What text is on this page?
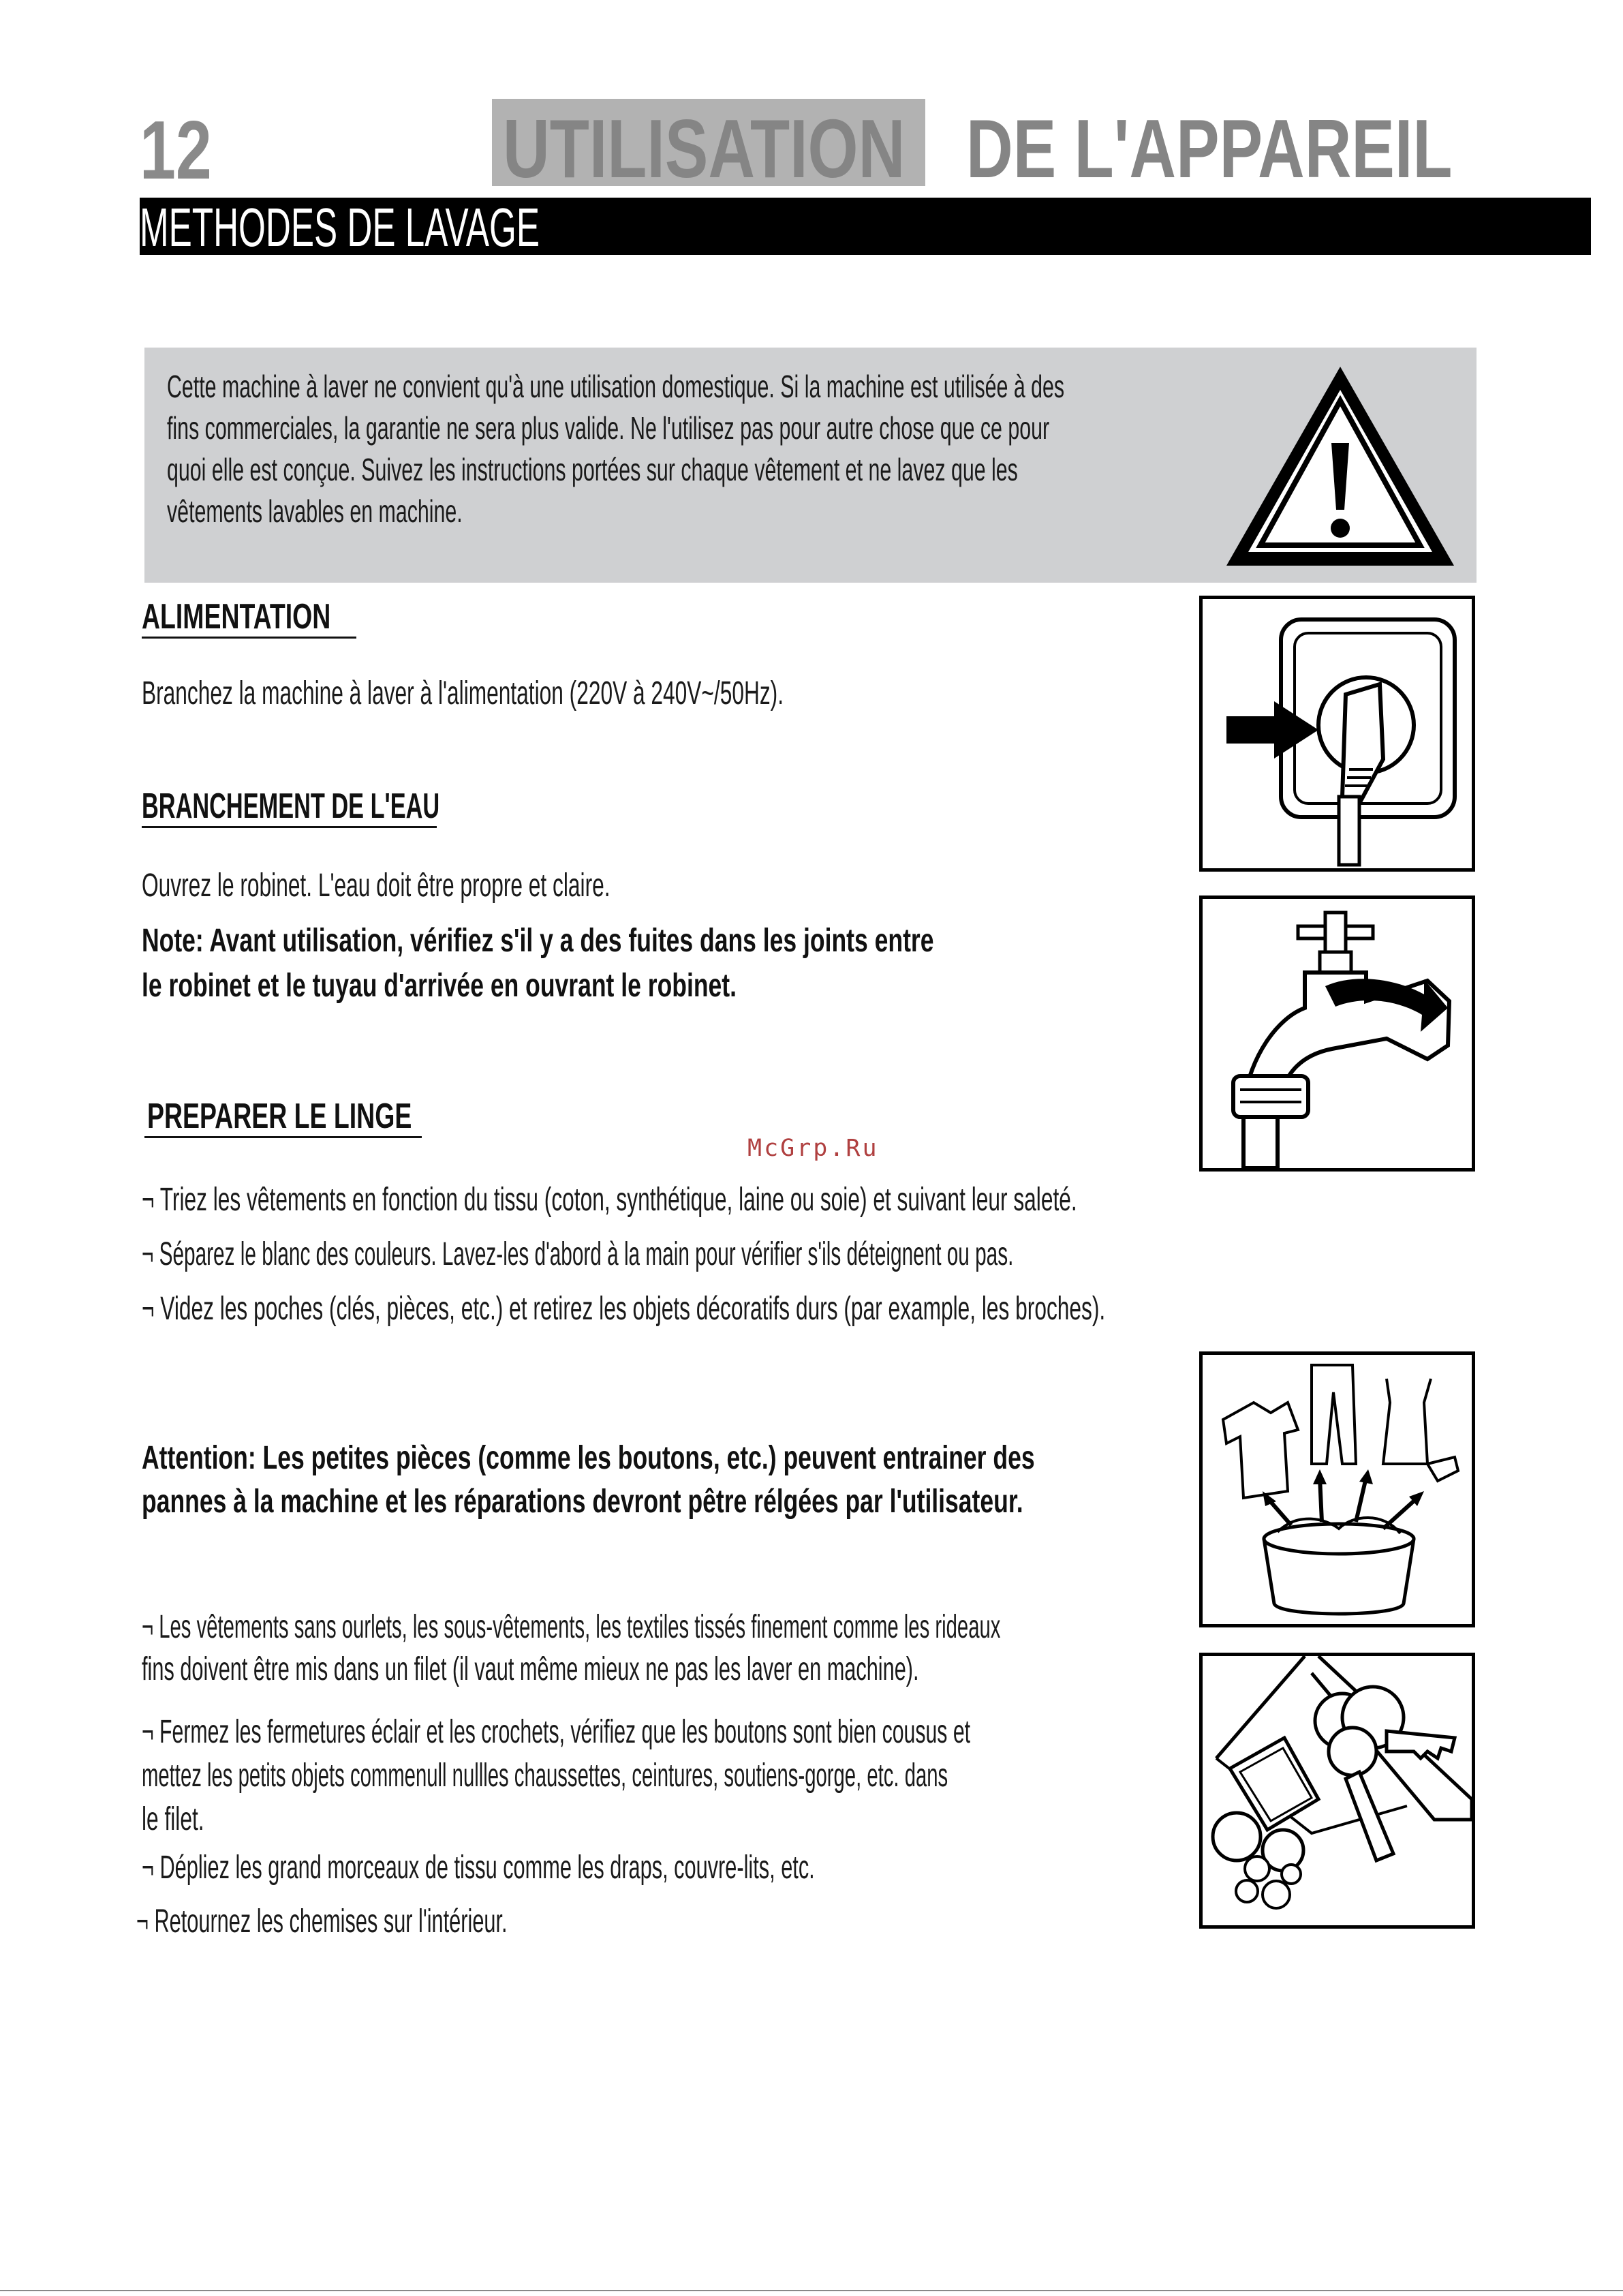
12	UTILISATION DE L'APPAREIL
METHODES DE LAVAGE
Cette machine à laver ne convient qu'à une utilisation domestique. Si la machine est utilisée à des
fins commerciales, la garantie ne sera plus valide. Ne l'utilisez pas pour autre chose que ce pour
quoi elle est conçue. Suivez les instructions portées sur chaque vêtement et ne lavez que les
vêtements lavables en machine.
ALIMENTATION
Branchez la machine à laver à l'alimentation (220V à 240V~/50Hz).
BRANCHEMENT DE L'EAU
Ouvrez le robinet. L'eau doit être propre et claire.
Note: Avant utilisation, vérifiez s'il y a des fuites dans les joints entre
le robinet et le tuyau d'arrivée en ouvrant le robinet.
PREPARER LE LINGE
McGrp.Ru
¬ Triez les vêtements en fonction du tissu (coton, synthétique, laine ou soie) et suivant leur saleté.
¬ Séparez le blanc des couleurs. Lavez-les d'abord à la main pour vérifier s'ils déteignent ou pas.
¬ Videz les poches (clés, pièces, etc.) et retirez les objets décoratifs durs (par example, les broches).
Attention: Les petites pièces (comme les boutons, etc.) peuvent entrainer des
pannes à la machine et les réparations devront pêtre rélgées par l'utilisateur.
¬ Les vêtements sans ourlets, les sous-vêtements, les textiles tissés finement comme les rideaux
fins doivent être mis dans un filet (il vaut même mieux ne pas les laver en machine).
¬ Fermez les fermetures éclair et les crochets, vérifiez que les boutons sont bien cousus et
mettez les petits objets commenull nullles chaussettes, ceintures, soutiens-gorge, etc. dans
le filet.
¬ Dépliez les grand morceaux de tissu comme les draps, couvre-lits, etc.
¬ Retournez les chemises sur l'intérieur.
